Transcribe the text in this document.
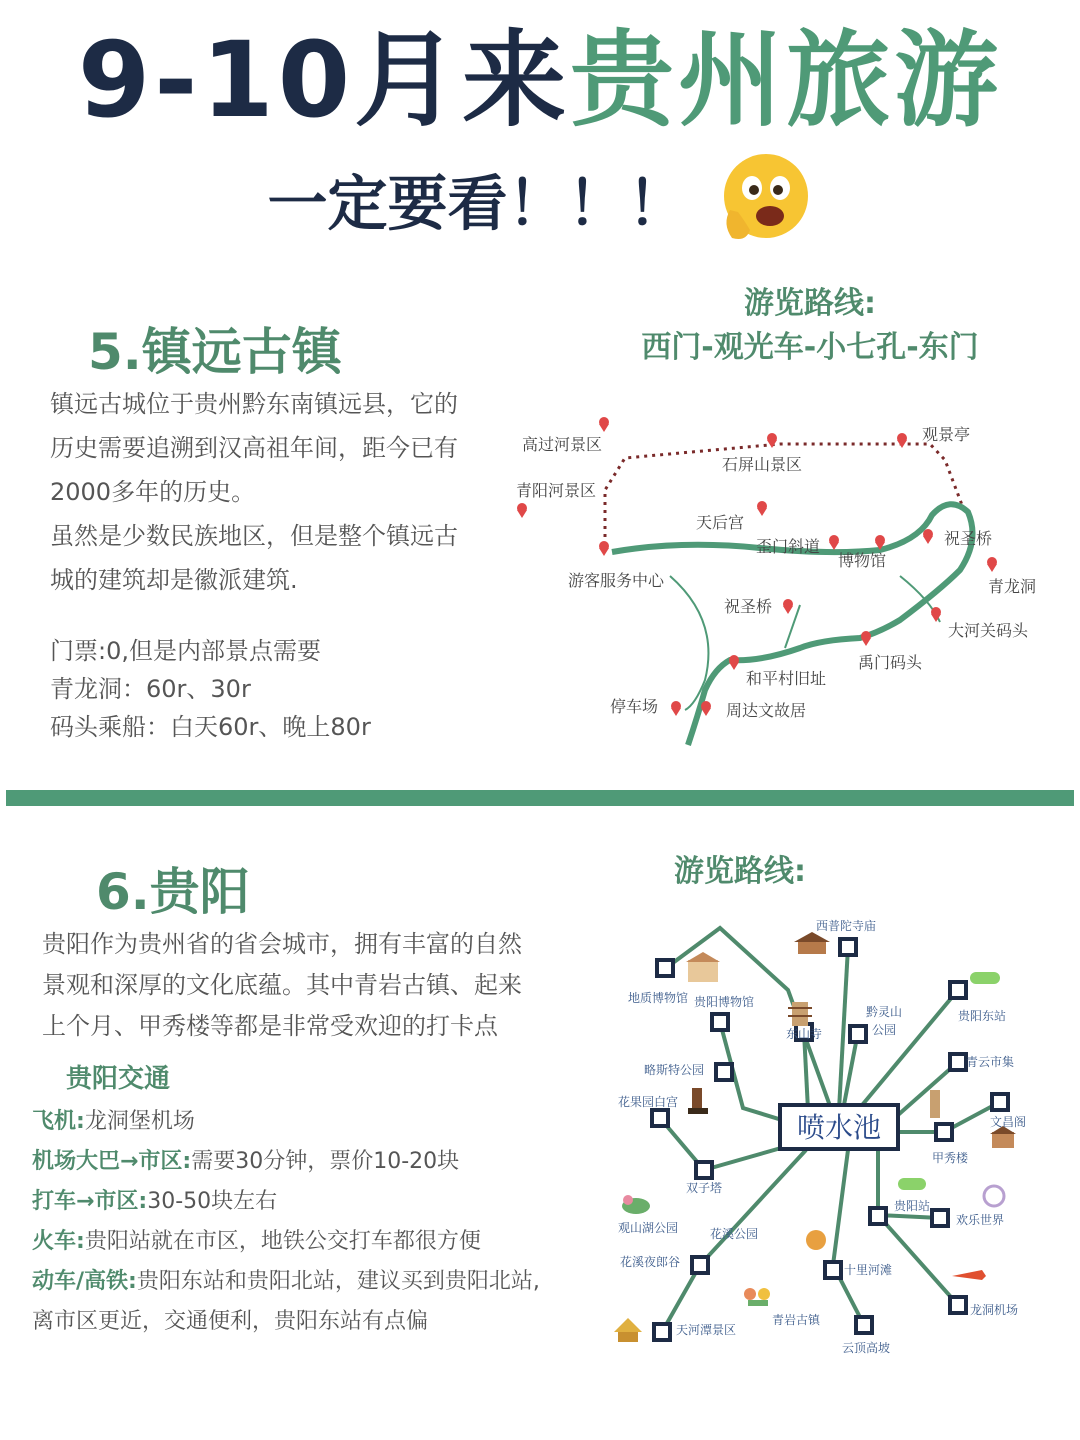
9-10月来贵州旅游
一定要看！！！
5.镇远古镇
游览路线:
西门-观光车-小七孔-东门

镇远古城位于贵州黔东南镇远县，它的

历史需要追溯到汉高祖年间，距今已有

2000多年的历史。

虽然是少数民族地区，但是整个镇远古

城的建筑却是徽派建筑.

门票:0,但是内部景点需要

青龙洞：60r、30r

码头乘船：白天60r、晚上80r

高过河景区
青阳河景区
石屏山景区
观景亭
天后宫
歪门斜道
博物馆
祝圣桥
青龙洞
游客服务中心
祝圣桥
大河关码头
禹门码头
和平村旧址
停车场	周达文故居
6.贵阳	游览路线:

贵阳作为贵州省的省会城市，拥有丰富的自然

景观和深厚的文化底蕴。其中青岩古镇、起来

上个月、甲秀楼等都是非常受欢迎的打卡点

贵阳交通

飞机:龙洞堡机场

机场大巴→市区:需要30分钟，票价10-20块

打车→市区:30-50块左右

火车:贵阳站就在市区，地铁公交打车都很方便

动车/高铁:贵阳东站和贵阳北站，建议买到贵阳北站,

离市区更近，交通便利，贵阳东站有点偏

喷水池
西普陀寺庙
地质博物馆 贵阳博物馆
东山寺
黔灵山
公园
贵阳东站
青云市集
略斯特公园
花果园白宫
文昌阁
甲秀楼
双子塔
观山湖公园	花溪公园
贵阳站
欢乐世界
花溪夜郎谷
十里河滩
龙洞机场
天河潭景区
青岩古镇
云顶高坡
